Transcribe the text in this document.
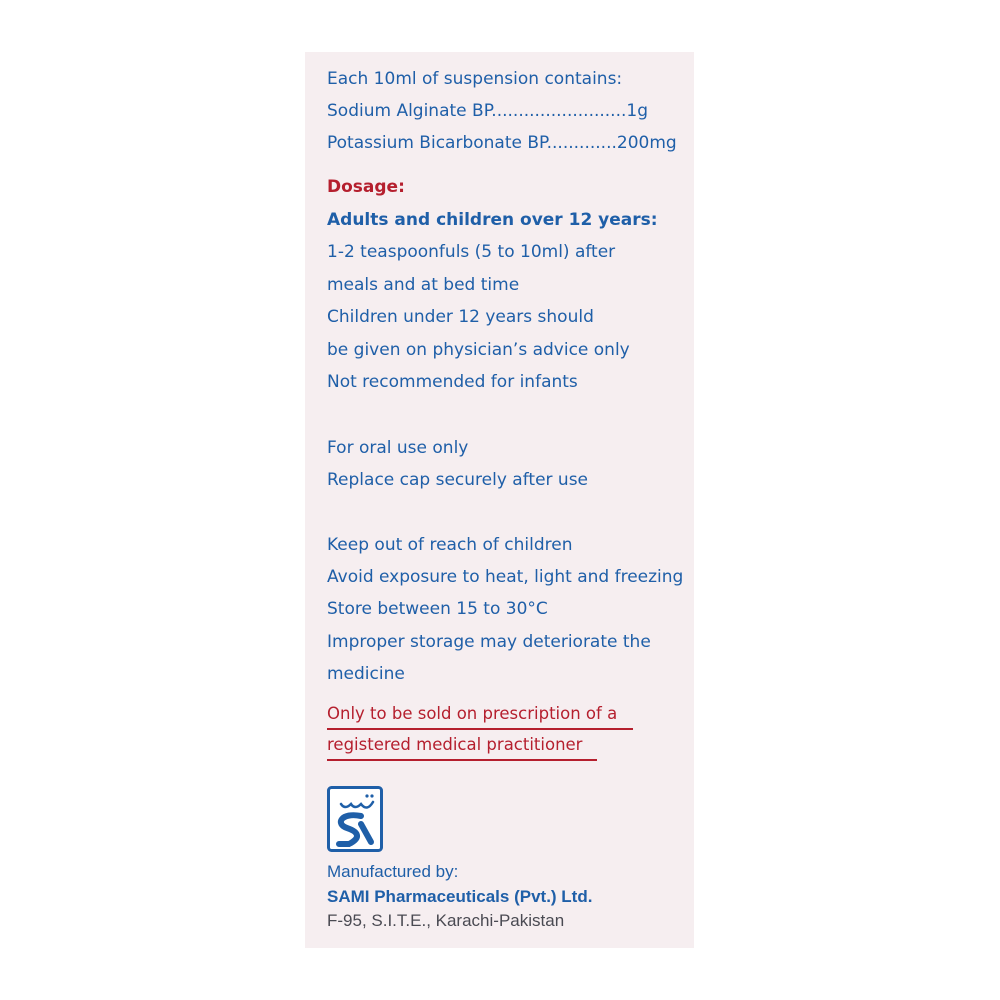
Each 10ml of suspension contains:
Sodium Alginate BP.........................1g
Potassium Bicarbonate BP.............200mg
Dosage:
Adults and children over 12 years:
1-2 teaspoonfuls (5 to 10ml) after
meals and at bed time
Children under 12 years should
be given on physician’s advice only
Not recommended for infants
For oral use only
Replace cap securely after use
Keep out of reach of children
Avoid exposure to heat, light and freezing
Store between 15 to 30°C
Improper storage may deteriorate the
medicine
Only to be sold on prescription of a
registered medical practitioner
Manufactured by:
SAMI Pharmaceuticals (Pvt.) Ltd.
F-95, S.I.T.E., Karachi-Pakistan
